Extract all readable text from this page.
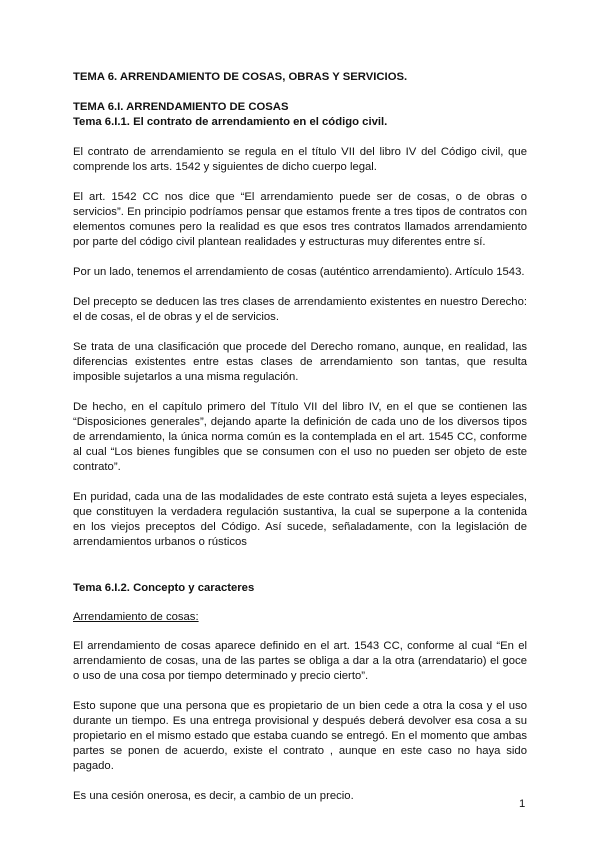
TEMA 6. ARRENDAMIENTO DE COSAS, OBRAS Y SERVICIOS.

TEMA 6.I. ARRENDAMIENTO DE COSAS

Tema 6.I.1. El contrato de arrendamiento en el código civil.

El contrato de arrendamiento se regula en el título VII del libro IV del Código civil, que comprende los arts. 1542 y siguientes de dicho cuerpo legal.

El art. 1542 CC nos dice que “El arrendamiento puede ser de cosas, o de obras o servicios”. En principio podríamos pensar que estamos frente a tres tipos de contratos con elementos comunes pero la realidad es que esos tres contratos llamados arrendamiento por parte del código civil plantean realidades y estructuras muy diferentes entre sí.

Por un lado, tenemos el arrendamiento de cosas (auténtico arrendamiento). Artículo 1543.

Del precepto se deducen las tres clases de arrendamiento existentes en nuestro Derecho: el de cosas, el de obras y el de servicios.

Se trata de una clasificación que procede del Derecho romano, aunque, en realidad, las diferencias existentes entre estas clases de arrendamiento son tantas, que resulta imposible sujetarlos a una misma regulación.

De hecho, en el capítulo primero del Título VII del libro IV, en el que se contienen las “Disposiciones generales”, dejando aparte la definición de cada uno de los diversos tipos de arrendamiento, la única norma común es la contemplada en el art. 1545 CC, conforme al cual “Los bienes fungibles que se consumen con el uso no pueden ser objeto de este contrato”.

En puridad, cada una de las modalidades de este contrato está sujeta a leyes especiales, que constituyen la verdadera regulación sustantiva, la cual se superpone a la contenida en los viejos preceptos del Código. Así sucede, señaladamente, con la legislación de arrendamientos urbanos o rústicos

Tema 6.I.2. Concepto y caracteres

Arrendamiento de cosas:

El arrendamiento de cosas aparece definido en el art. 1543 CC, conforme al cual “En el arrendamiento de cosas, una de las partes se obliga a dar a la otra (arrendatario) el goce o uso de una cosa por tiempo determinado y precio cierto”.

Esto supone que una persona que es propietario de un bien cede a otra la cosa y el uso durante un tiempo. Es una entrega provisional y después deberá devolver esa cosa a su propietario en el mismo estado que estaba cuando se entregó. En el momento que ambas partes se ponen de acuerdo, existe el contrato , aunque en este caso no haya sido pagado.

Es una cesión onerosa, es decir, a cambio de un precio.

1
